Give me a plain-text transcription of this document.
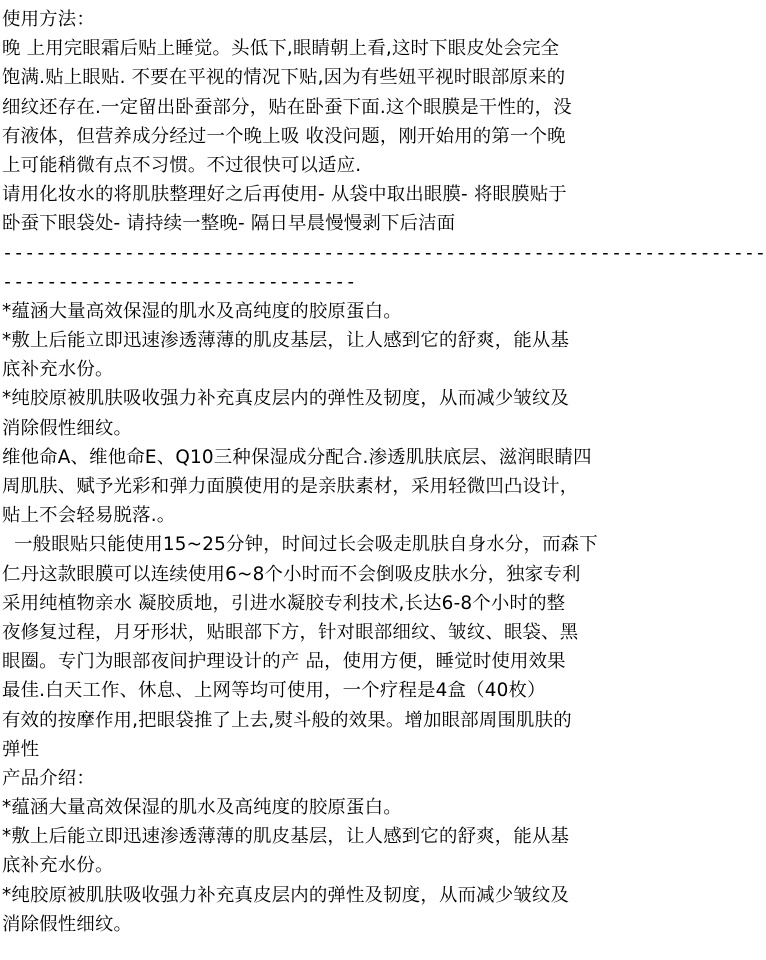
使用方法：
晚 上用完眼霜后贴上睡觉。头低下,眼睛朝上看,这时下眼皮处会完全
饱满.贴上眼贴. 不要在平视的情况下贴,因为有些妞平视时眼部原来的
细纹还存在.一定留出卧蚕部分，贴在卧蚕下面.这个眼膜是干性的，没
有液体，但营养成分经过一个晚上吸 收没问题，刚开始用的第一个晚
上可能稍微有点不习惯。不过很快可以适应.
请用化妆水的将肌肤整理好之后再使用- 从袋中取出眼膜- 将眼膜贴于
卧蚕下眼袋处- 请持续一整晚- 隔日早晨慢慢剥下后洁面
---------------------------------------------------------------------
--------------------------------
*蕴涵大量高效保湿的肌水及高纯度的胶原蛋白。
*敷上后能立即迅速渗透薄薄的肌皮基层，让人感到它的舒爽，能从基
底补充水份。
*纯胶原被肌肤吸收强力补充真皮层内的弹性及韧度，从而减少皱纹及
消除假性细纹。
维他命A、维他命E、Q10三种保湿成分配合.渗透肌肤底层、滋润眼睛四
周肌肤、赋予光彩和弹力面膜使用的是亲肤素材，采用轻微凹凸设计，
贴上不会轻易脱落.。
一般眼贴只能使用15~25分钟，时间过长会吸走肌肤自身水分，而森下
仁丹这款眼膜可以连续使用6~8个小时而不会倒吸皮肤水分，独家专利
采用纯植物亲水 凝胶质地，引进水凝胶专利技术,长达6-8个小时的整
夜修复过程，月牙形状，贴眼部下方，针对眼部细纹、皱纹、眼袋、黑
眼圈。专门为眼部夜间护理设计的产 品，使用方便，睡觉时使用效果
最佳.白天工作、休息、上网等均可使用，一个疗程是4盒（40枚）
有效的按摩作用,把眼袋推了上去,熨斗般的效果。增加眼部周围肌肤的
弹性
产品介绍：
*蕴涵大量高效保湿的肌水及高纯度的胶原蛋白。
*敷上后能立即迅速渗透薄薄的肌皮基层，让人感到它的舒爽，能从基
底补充水份。
*纯胶原被肌肤吸收强力补充真皮层内的弹性及韧度，从而减少皱纹及
消除假性细纹。
